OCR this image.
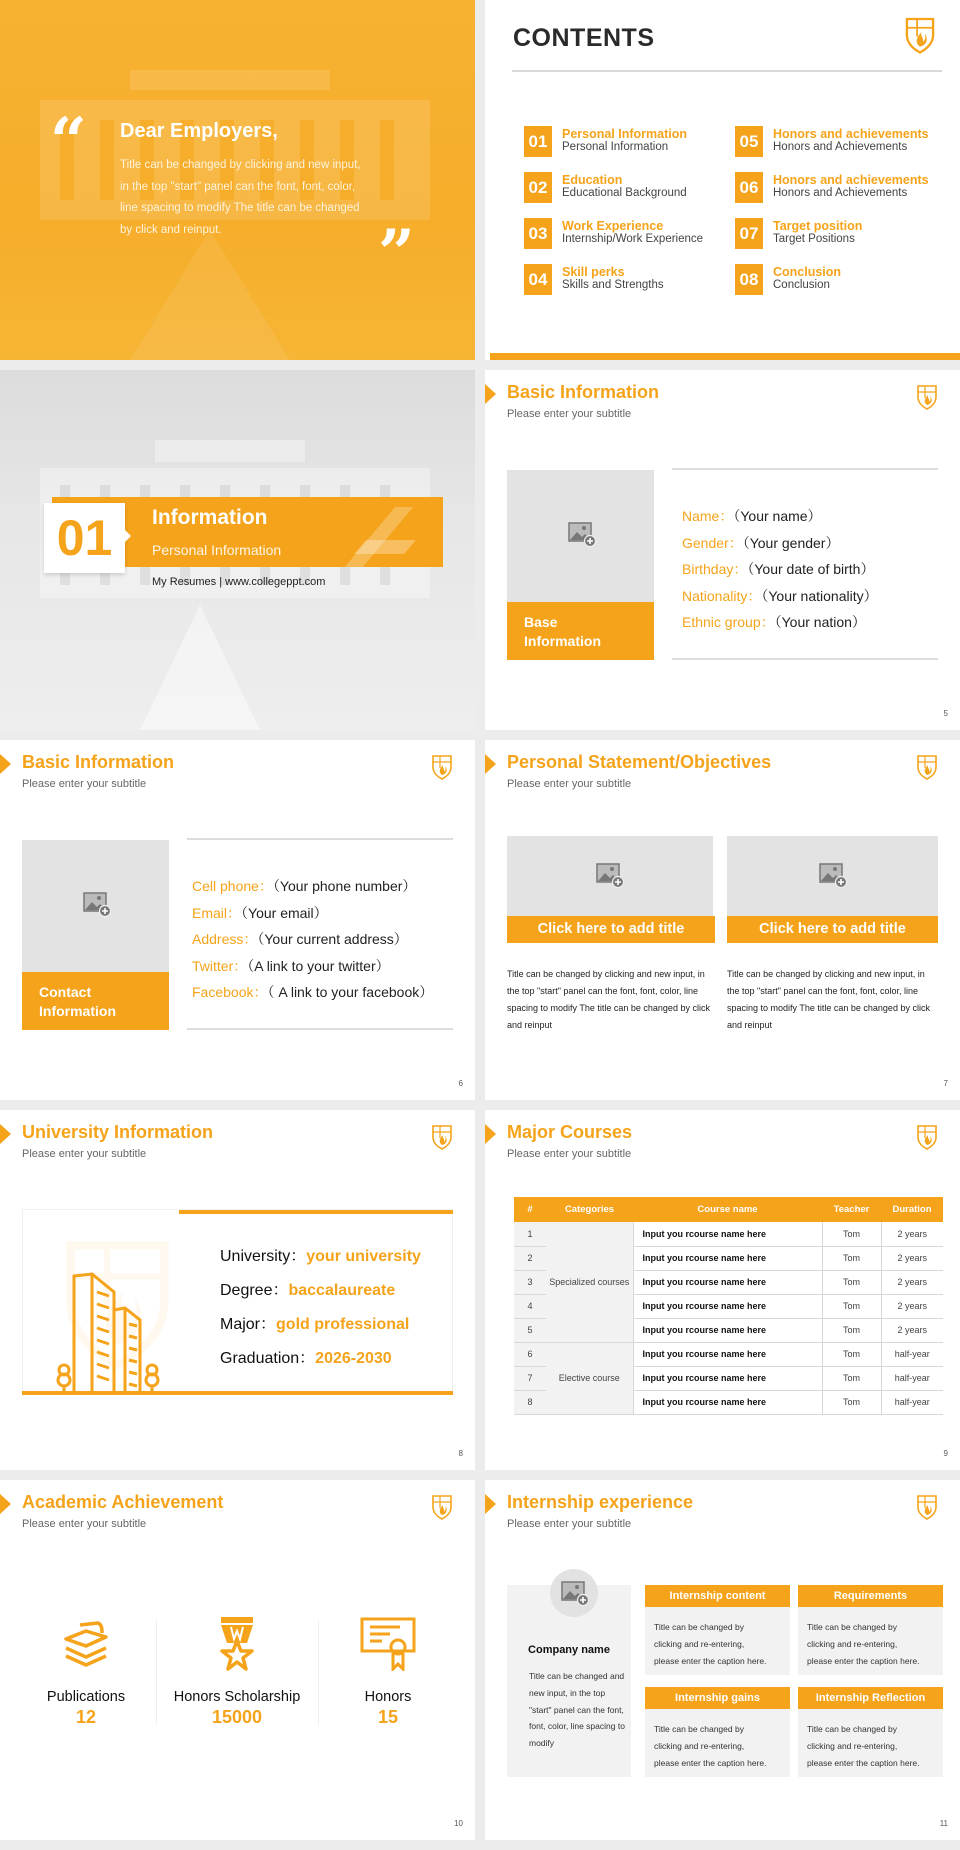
“ Dear Employers,
Title can be changed by clicking and new input, in the top "start" panel can the font, font, color, line spacing to modify The title can be changed by click and reinput.	”
CONTENTS
01	Personal Information
Personal Information
02	Education
Educational Background
03	Work Experience
Internship/Work Experience
04	Skill perks
Skills and Strengths
05	Honors and achievements
Honors and Achievements
06	Honors and achievements
Honors and Achievements
07	Target position
Target Positions
08	Conclusion
Conclusion
01	Information
Personal Information
My Resumes | www.collegeppt.com
Basic Information
Please enter your subtitle
Base
Information
Name：（Your name）
Gender：（Your gender）
Birthday：（Your date of birth）
Nationality：（Your nationality）
Ethnic group：（Your nation）
5
Basic Information
Please enter your subtitle
Contact
Information
Cell phone：（Your phone number）
Email：（Your email）
Address：（Your current address）
Twitter：（A link to your twitter）
Facebook：（ A link to your facebook）
6
Personal Statement/Objectives
Please enter your subtitle
Click here to add title
Title can be changed by clicking and new input, in the top "start" panel can the font, font, color, line spacing to modify The title can be changed by click and reinput
Click here to add title
Title can be changed by clicking and new input, in the top "start" panel can the font, font, color, line spacing to modify The title can be changed by click and reinput
7
University Information
Please enter your subtitle
University：your university
Degree：baccalaureate
Major：gold professional
Graduation：2026-2030
8
Major Courses
Please enter your subtitle
#	Categories	Course name	Teacher	Duration
1	Specialized courses	Input you rcourse name here	Tom	2 years
2		Input you rcourse name here	Tom	2 years
3		Input you rcourse name here	Tom	2 years
4		Input you rcourse name here	Tom	2 years
5		Input you rcourse name here	Tom	2 years
6	Elective course	Input you rcourse name here	Tom	half-year
7		Input you rcourse name here	Tom	half-year
8		Input you rcourse name here	Tom	half-year
9
Academic Achievement
Please enter your subtitle
Publications
12
Honors Scholarship
15000
Honors
15
10
Internship experience
Please enter your subtitle
Company name
Title can be changed and new input, in the top "start" panel can the font, font, color, line spacing to modify
Internship content
Title can be changed by
clicking and re-entering,
please enter the caption here.
Requirements
Title can be changed by
clicking and re-entering,
please enter the caption here.
Internship gains
Title can be changed by
clicking and re-entering,
please enter the caption here.
Internship Reflection
Title can be changed by
clicking and re-entering,
please enter the caption here.
11
